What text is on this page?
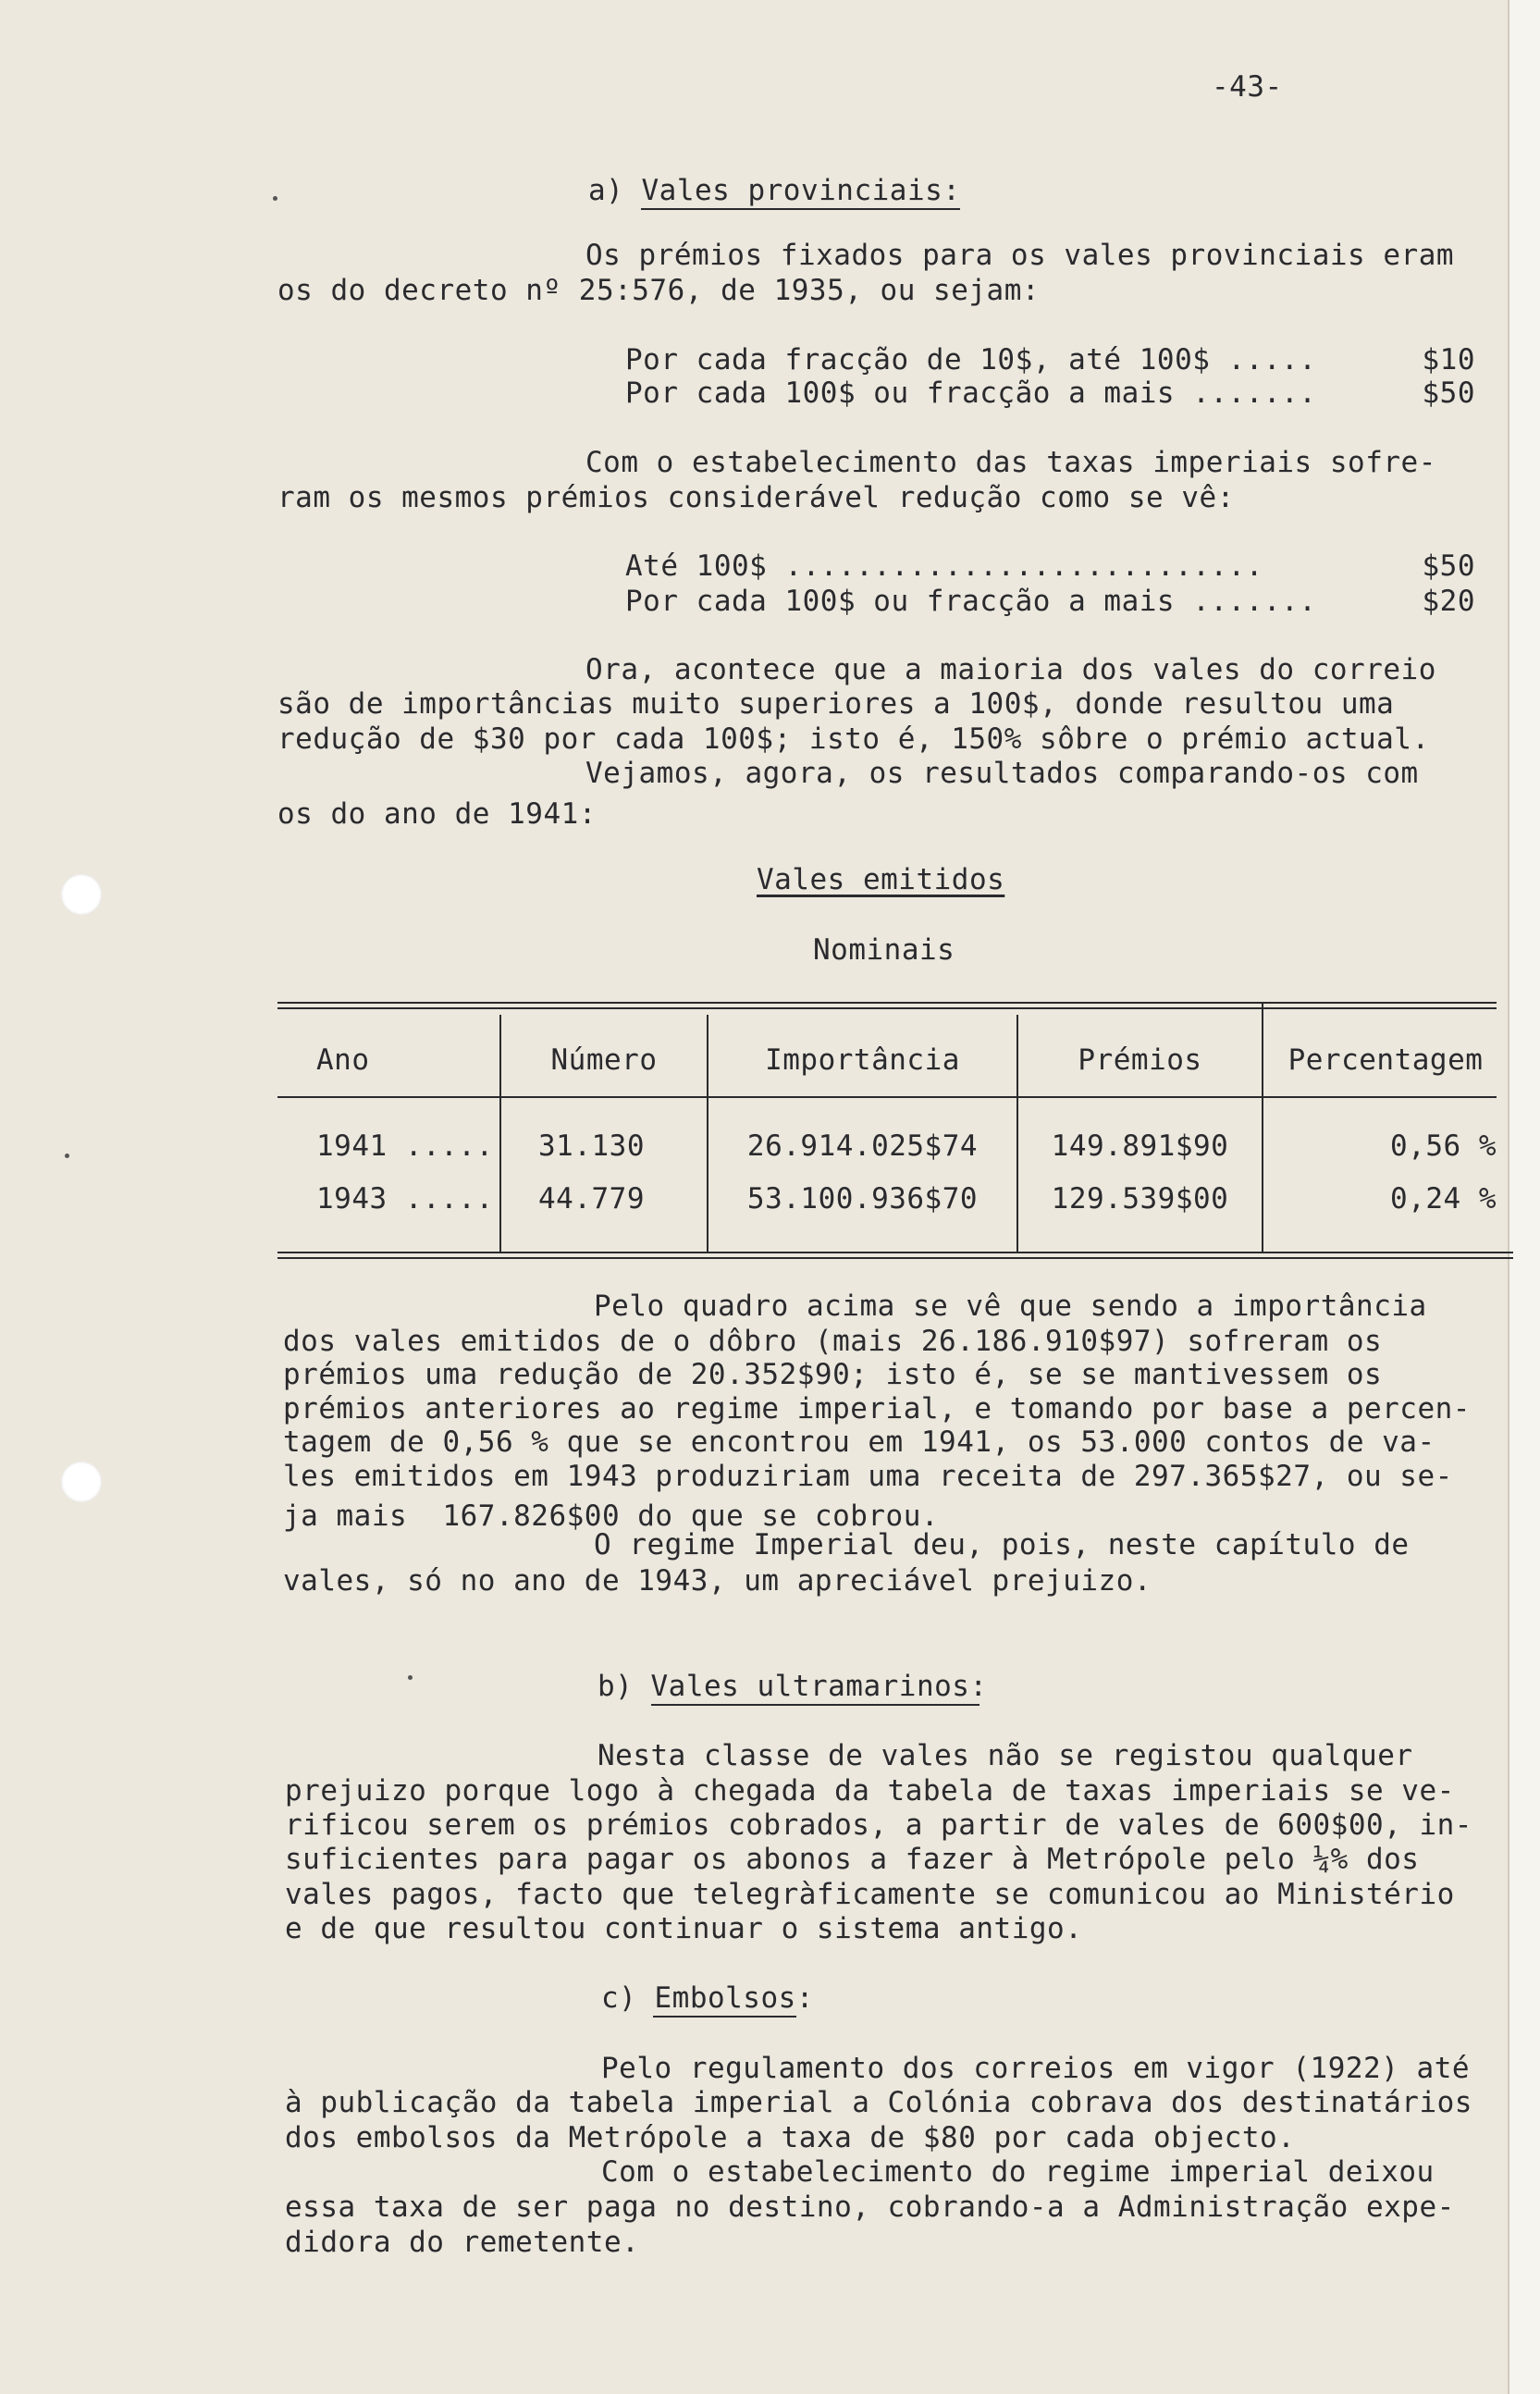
-43-
a) Vales provinciais:
Os prémios fixados para os vales provinciais eram
os do decreto nº 25:576, de 1935, ou sejam:
Por cada fracção de 10$, até 100$ .....	$10
Por cada 100$ ou fracção a mais .......	$50
Com o estabelecimento das taxas imperiais sofre-
ram os mesmos prémios considerável redução como se vê:
Até 100$ ...........................	$50
Por cada 100$ ou fracção a mais .......	$20
Ora, acontece que a maioria dos vales do correio
são de importâncias muito superiores a 100$, donde resultou uma
redução de $30 por cada 100$; isto é, 150% sôbre o prémio actual.
Vejamos, agora, os resultados comparando-os com
os do ano de 1941:
Vales emitidos
Nominais
Ano	Número	Importância	Prémios	Percentagem
1941 ..... 31.130	26.914.025$74	149.891$90	0,56 %
1943 ..... 44.779	53.100.936$70	129.539$00	0,24 %
Pelo quadro acima se vê que sendo a importância
dos vales emitidos de o dôbro (mais 26.186.910$97) sofreram os
prémios uma redução de 20.352$90; isto é, se se mantivessem os
prémios anteriores ao regime imperial, e tomando por base a percen-
tagem de 0,56 % que se encontrou em 1941, os 53.000 contos de va-
les emitidos em 1943 produziriam uma receita de 297.365$27, ou se-
ja mais  167.826$00 do que se cobrou.
O regime Imperial deu, pois, neste capítulo de
vales, só no ano de 1943, um apreciável prejuizo.
b) Vales ultramarinos:
Nesta classe de vales não se registou qualquer
prejuizo porque logo à chegada da tabela de taxas imperiais se ve-
rificou serem os prémios cobrados, a partir de vales de 600$00, in-
suficientes para pagar os abonos a fazer à Metrópole pelo ¼% dos
vales pagos, facto que telegràficamente se comunicou ao Ministério
e de que resultou continuar o sistema antigo.
c) Embolsos:
Pelo regulamento dos correios em vigor (1922) até
à publicação da tabela imperial a Colónia cobrava dos destinatários
dos embolsos da Metrópole a taxa de $80 por cada objecto.
Com o estabelecimento do regime imperial deixou
essa taxa de ser paga no destino, cobrando-a a Administração expe-
didora do remetente.
